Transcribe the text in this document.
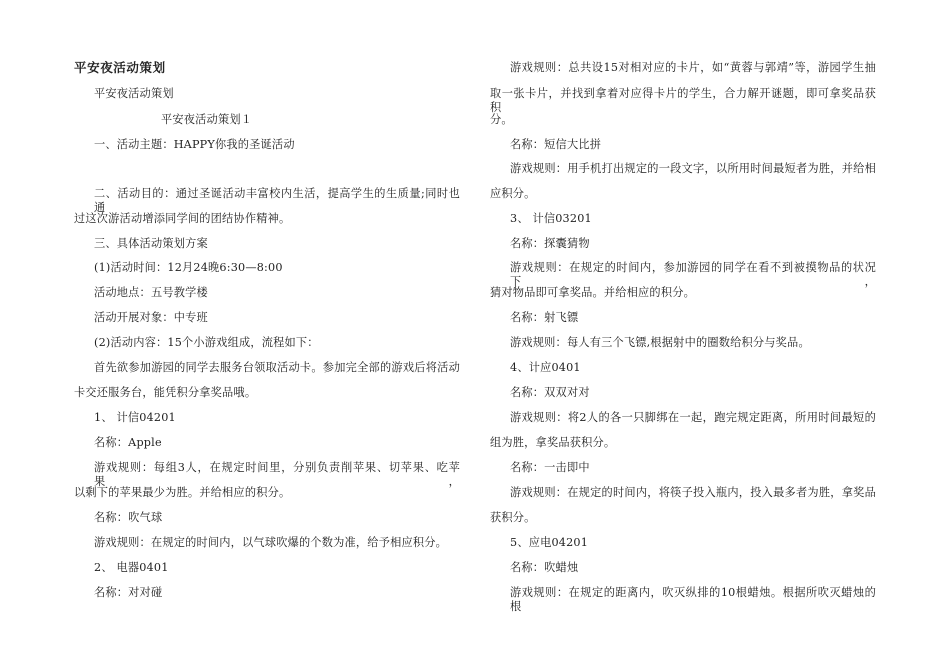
平安夜活动策划
平安夜活动策划
平安夜活动策划１
一、活动主题：HAPPY你我的圣诞活动
二、活动目的：通过圣诞活动丰富校内生活，提高学生的生质量;同时也通
过这次游活动增添同学间的团结协作精神。
三、具体活动策划方案
(1)活动时间：12月24晚6:30—8:00
活动地点：五号教学楼
活动开展对象：中专班
(2)活动内容：15个小游戏组成，流程如下：
首先欲参加游园的同学去服务台领取活动卡。参加完全部的游戏后将活动
卡交还服务台，能凭积分拿奖品哦。
1、 计信04201
名称：Apple
游戏规则：每组3人，在规定时间里，分别负责削苹果、切苹果、吃苹果，
以剩下的苹果最少为胜。并给相应的积分。
名称：吹气球
游戏规则：在规定的时间内，以气球吹爆的个数为准，给予相应积分。
2、 电器0401
名称：对对碰
游戏规则：总共设15对相对应的卡片，如“黄蓉与郭靖”等，游园学生抽
取一张卡片，并找到拿着对应得卡片的学生，合力解开谜题，即可拿奖品获积
分。
名称：短信大比拼
游戏规则：用手机打出规定的一段文字，以所用时间最短者为胜，并给相
应积分。
3、 计信03201
名称：探囊猜物
游戏规则：在规定的时间内，参加游园的同学在看不到被摸物品的状况下，
猜对物品即可拿奖品。并给相应的积分。
名称：射飞镖
游戏规则：每人有三个飞镖,根据射中的圈数给积分与奖品。
4、计应0401
名称：双双对对
游戏规则：将2人的各一只脚绑在一起，跑完规定距离，所用时间最短的
组为胜，拿奖品获积分。
名称：一击即中
游戏规则：在规定的时间内，将筷子投入瓶内，投入最多者为胜，拿奖品
获积分。
5、应电04201
名称：吹蜡烛
游戏规则：在规定的距离内，吹灭纵排的10根蜡烛。根据所吹灭蜡烛的根
